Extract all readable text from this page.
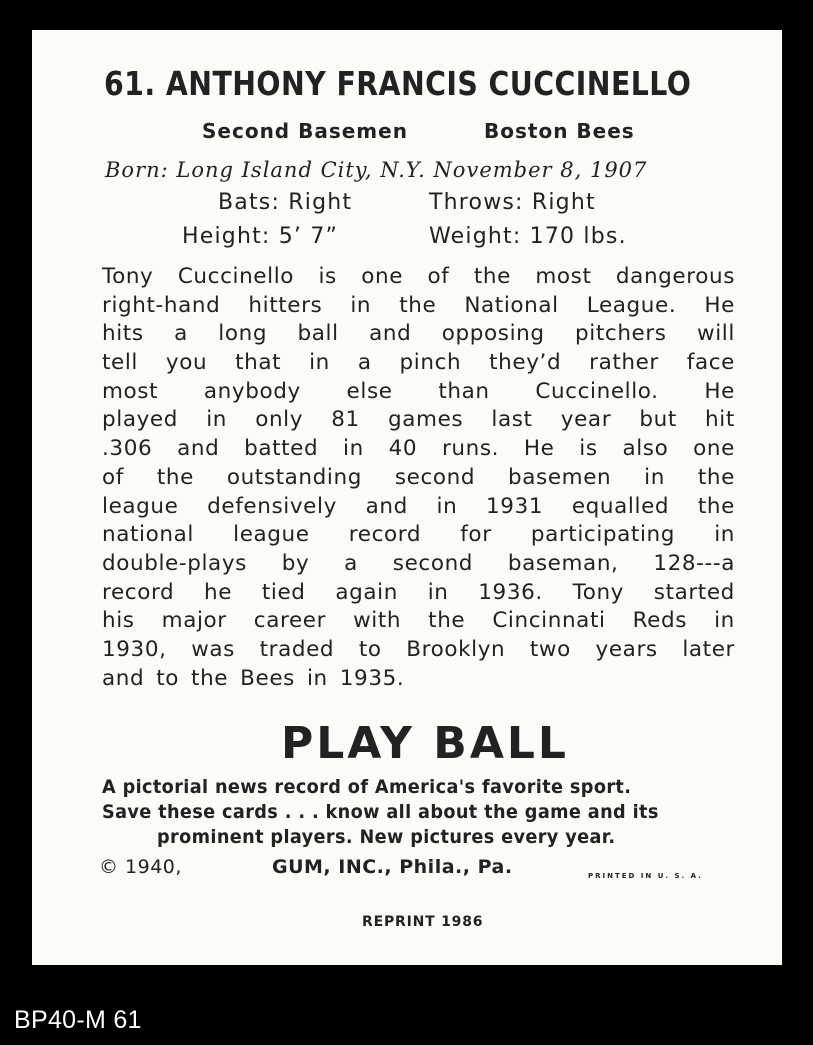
61. ANTHONY FRANCIS CUCCINELLO
Second Basemen	Boston Bees
Born: Long Island City, N.Y. November 8, 1907
Bats: Right	Throws: Right
Height: 5’ 7”	Weight: 170 lbs.
Tony Cuccinello is one of the most dangerous
right-hand hitters in the National League. He
hits a long ball and opposing pitchers will
tell you that in a pinch they’d rather face
most anybody else than Cuccinello. He
played in only 81 games last year but hit
.306 and batted in 40 runs. He is also one
of the outstanding second basemen in the
league defensively and in 1931 equalled the
national league record for participating in
double-plays by a second baseman, 128---a
record he tied again in 1936. Tony started
his major career with the Cincinnati Reds in
1930, was traded to Brooklyn two years later
and to the Bees in 1935.
PLAY BALL
A pictorial news record of America's favorite sport.
Save these cards . . . know all about the game and its
prominent players. New pictures every year.
© 1940,	GUM, INC., Phila., Pa.	PRINTED IN U. S. A.
REPRINT 1986
BP40-M 61
